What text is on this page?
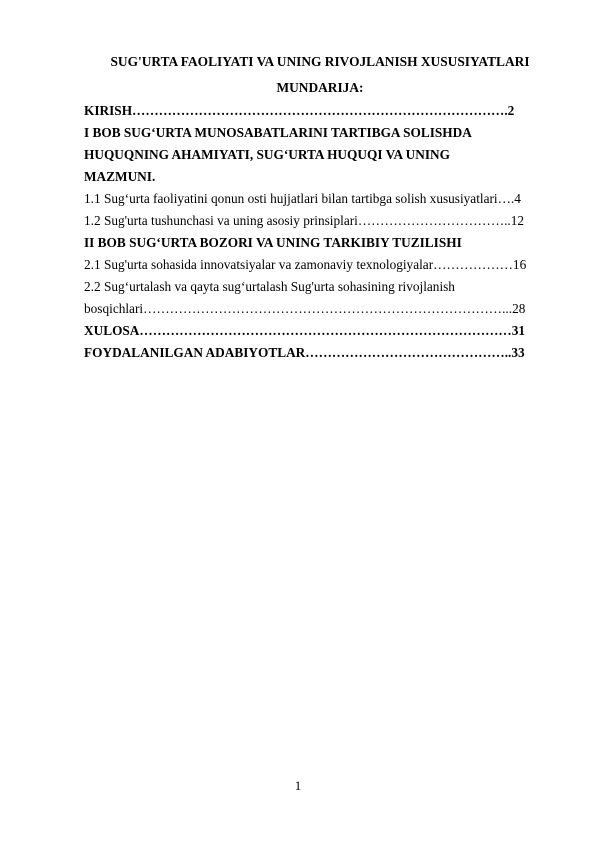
SUG'URTA FAOLIYATI VA UNING RIVOJLANISH XUSUSIYATLARI
MUNDARIJA:
KIRISH………………………………………………………………………….2
I BOB SUG‘URTA MUNOSABATLARINI TARTIBGA SOLISHDA
HUQUQNING AHAMIYATI, SUG‘URTA HUQUQI VA UNING
MAZMUNI.
1.1 Sug‘urta faoliyatini qonun osti hujjatlari bilan tartibga solish xususiyatlari….4
1.2 Sug'urta tushunchasi va uning asosiy prinsiplari……………………………..12
II BOB SUG‘URTA BOZORI VA UNING TARKIBIY TUZILISHI
2.1 Sug'urta sohasida innovatsiyalar va zamonaviy texnologiyalar………………16
2.2 Sug‘urtalash va qayta sug‘urtalash Sug'urta sohasining rivojlanish
bosqichlari………………………………………………………………………...28
XULOSA…………………………………………………………………………31
FOYDALANILGAN ADABIYOTLAR………………………………………..33
1
